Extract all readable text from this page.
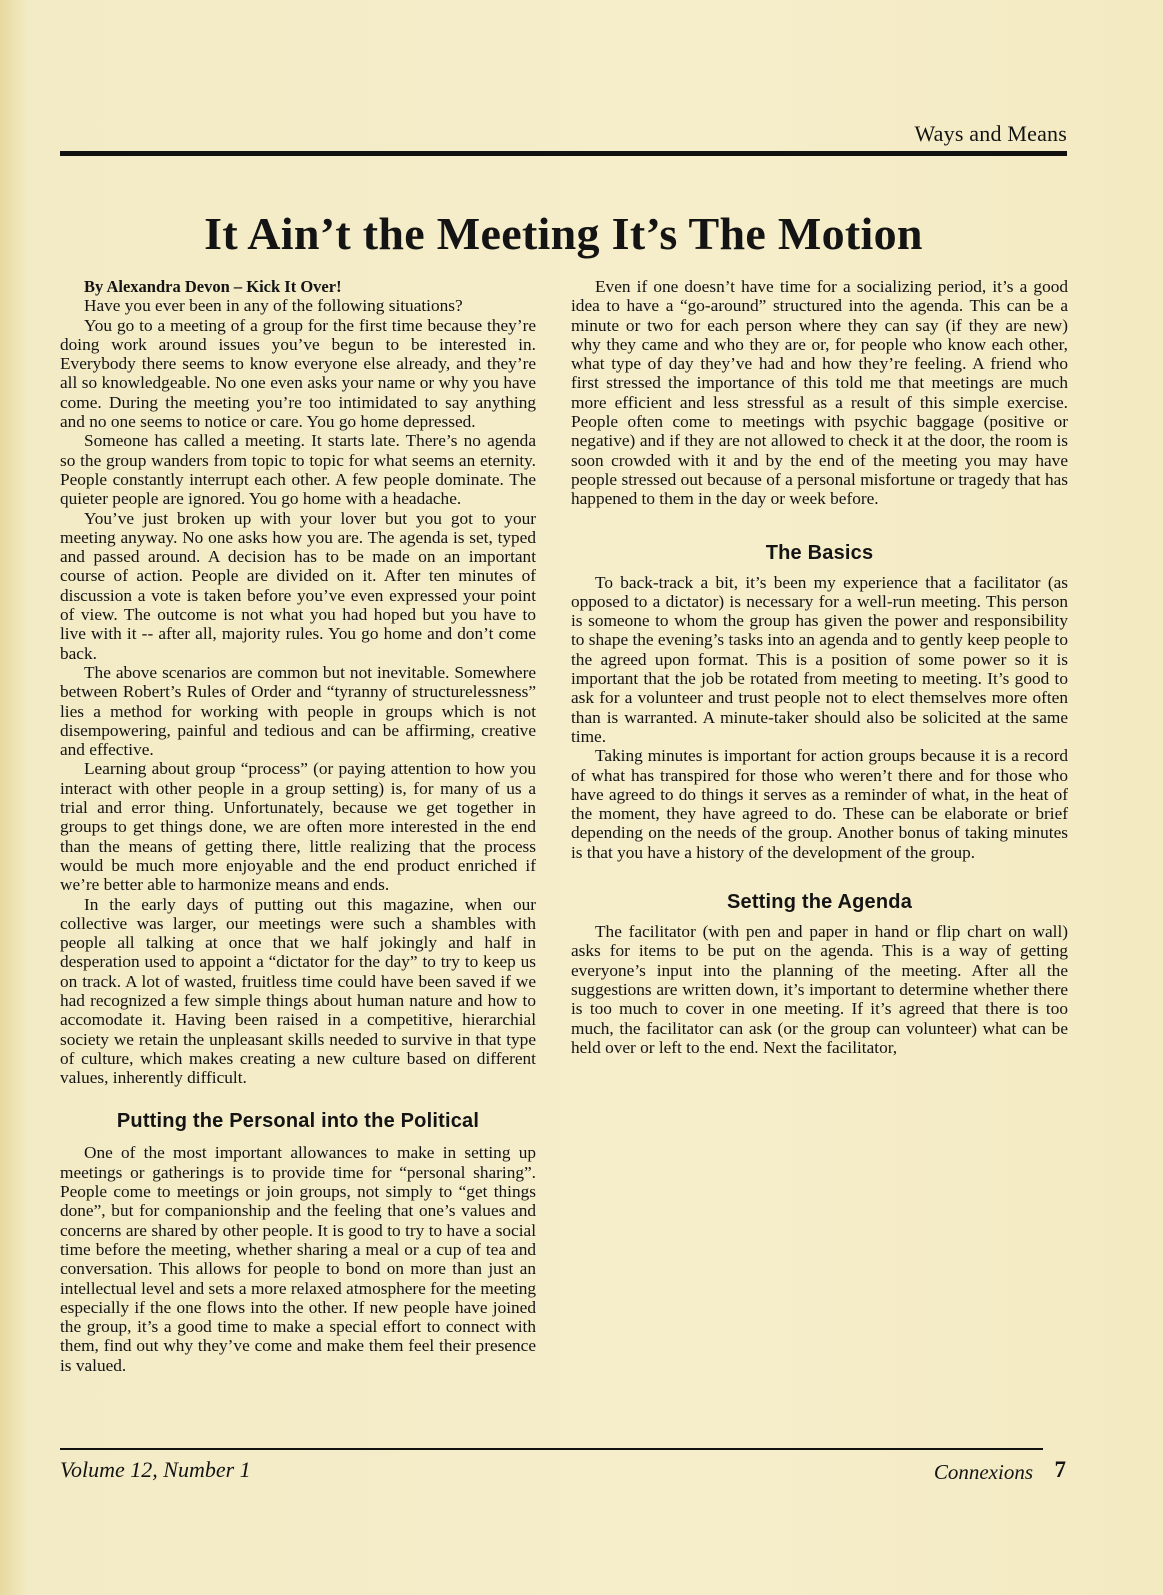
Ways and Means
It Ain’t the Meeting It’s The Motion

By Alexandra Devon – Kick It Over!

Have you ever been in any of the following situations?

You go to a meeting of a group for the first time because they’re doing work around issues you’ve begun to be interested in. Everybody there seems to know everyone else already, and they’re all so knowledgeable. No one even asks your name or why you have come. During the meeting you’re too intimidated to say anything and no one seems to notice or care. You go home depressed.

Someone has called a meeting. It starts late. There’s no agenda so the group wanders from topic to topic for what seems an eternity. People constantly interrupt each other. A few people dominate. The quieter people are ignored. You go home with a headache.

You’ve just broken up with your lover but you got to your meeting anyway. No one asks how you are. The agenda is set, typed and passed around. A decision has to be made on an important course of action. People are divided on it. After ten minutes of discussion a vote is taken before you’ve even expressed your point of view. The outcome is not what you had hoped but you have to live with it -- after all, majority rules. You go home and don’t come back.

The above scenarios are common but not inevitable. Somewhere between Robert’s Rules of Order and “tyranny of structurelessness” lies a method for working with people in groups which is not disempowering, painful and tedious and can be affirming, creative and effective.

Learning about group “process” (or paying attention to how you interact with other people in a group setting) is, for many of us a trial and error thing. Unfortunately, because we get together in groups to get things done, we are often more interested in the end than the means of getting there, little realizing that the process would be much more enjoyable and the end product enriched if we’re better able to harmonize means and ends.

In the early days of putting out this magazine, when our collective was larger, our meetings were such a shambles with people all talking at once that we half jokingly and half in desperation used to appoint a “dictator for the day” to try to keep us on track. A lot of wasted, fruitless time could have been saved if we had recognized a few simple things about human nature and how to accomodate it. Having been raised in a competitive, hierarchial society we retain the unpleasant skills needed to survive in that type of culture, which makes creating a new culture based on different values, inherently difficult.

Putting the Personal into the Political

One of the most important allowances to make in setting up meetings or gatherings is to provide time for “personal sharing”. People come to meetings or join groups, not simply to “get things done”, but for companionship and the feeling that one’s values and concerns are shared by other people. It is good to try to have a social time before the meeting, whether sharing a meal or a cup of tea and conversation. This allows for people to bond on more than just an intellectual level and sets a more relaxed atmosphere for the meeting especially if the one flows into the other. If new people have joined the group, it’s a good time to make a special effort to connect with them, find out why they’ve come and make them feel their presence is valued.

Even if one doesn’t have time for a socializing period, it’s a good idea to have a “go-around” structured into the agenda. This can be a minute or two for each person where they can say (if they are new) why they came and who they are or, for people who know each other, what type of day they’ve had and how they’re feeling. A friend who first stressed the importance of this told me that meetings are much more efficient and less stressful as a result of this simple exercise. People often come to meetings with psychic baggage (positive or negative) and if they are not allowed to check it at the door, the room is soon crowded with it and by the end of the meeting you may have people stressed out because of a personal misfortune or tragedy that has happened to them in the day or week before.

The Basics

To back-track a bit, it’s been my experience that a facilitator (as opposed to a dictator) is necessary for a well-run meeting. This person is someone to whom the group has given the power and responsibility to shape the evening’s tasks into an agenda and to gently keep people to the agreed upon format. This is a position of some power so it is important that the job be rotated from meeting to meeting. It’s good to ask for a volunteer and trust people not to elect themselves more often than is warranted. A minute-taker should also be solicited at the same time.

Taking minutes is important for action groups because it is a record of what has transpired for those who weren’t there and for those who have agreed to do things it serves as a reminder of what, in the heat of the moment, they have agreed to do. These can be elaborate or brief depending on the needs of the group. Another bonus of taking minutes is that you have a history of the development of the group.

Setting the Agenda

The facilitator (with pen and paper in hand or flip chart on wall) asks for items to be put on the agenda. This is a way of getting everyone’s input into the planning of the meeting. After all the suggestions are written down, it’s important to determine whether there is too much to cover in one meeting. If it’s agreed that there is too much, the facilitator can ask (or the group can volunteer) what can be held over or left to the end. Next the facilitator,

Volume 12, Number 1	Connexions 7
